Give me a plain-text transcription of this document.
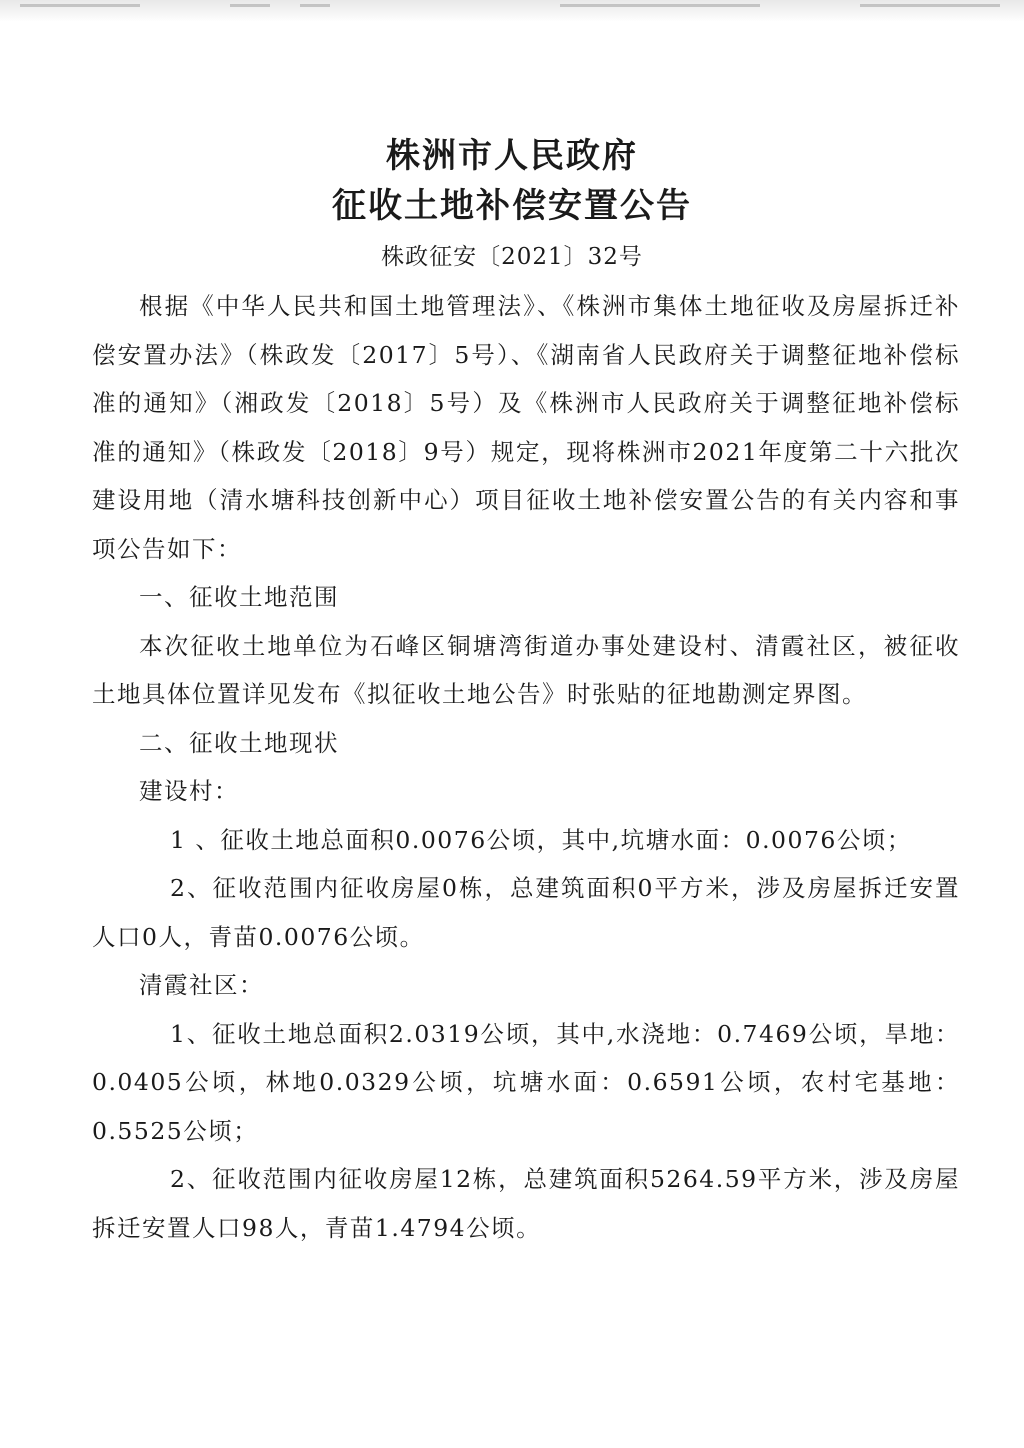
株洲市人民政府
征收土地补偿安置公告
株政征安〔2021〕32号

根据《中华人民共和国土地管理法》、《株洲市集体土地征收及房屋拆迁补偿安置办法》（株政发〔2017〕5号）、《湖南省人民政府关于调整征地补偿标准的通知》（湘政发〔2018〕5号）及《株洲市人民政府关于调整征地补偿标准的通知》（株政发〔2018〕9号）规定，现将株洲市2021年度第二十六批次建设用地（清水塘科技创新中心）项目征收土地补偿安置公告的有关内容和事项公告如下：

一、征收土地范围

本次征收土地单位为石峰区铜塘湾街道办事处建设村、清霞社区，被征收土地具体位置详见发布《拟征收土地公告》时张贴的征地勘测定界图。

二、征收土地现状

建设村：

1 、征收土地总面积0.0076公顷，其中,坑塘水面：0.0076公顷；

2、征收范围内征收房屋0栋，总建筑面积0平方米，涉及房屋拆迁安置人口0人，青苗0.0076公顷。

清霞社区：

1、征收土地总面积2.0319公顷，其中,水浇地：0.7469公顷，旱地：0.0405公顷，林地0.0329公顷，坑塘水面：0.6591公顷，农村宅基地：0.5525公顷；

2、征收范围内征收房屋12栋，总建筑面积5264.59平方米，涉及房屋拆迁安置人口98人，青苗1.4794公顷。
